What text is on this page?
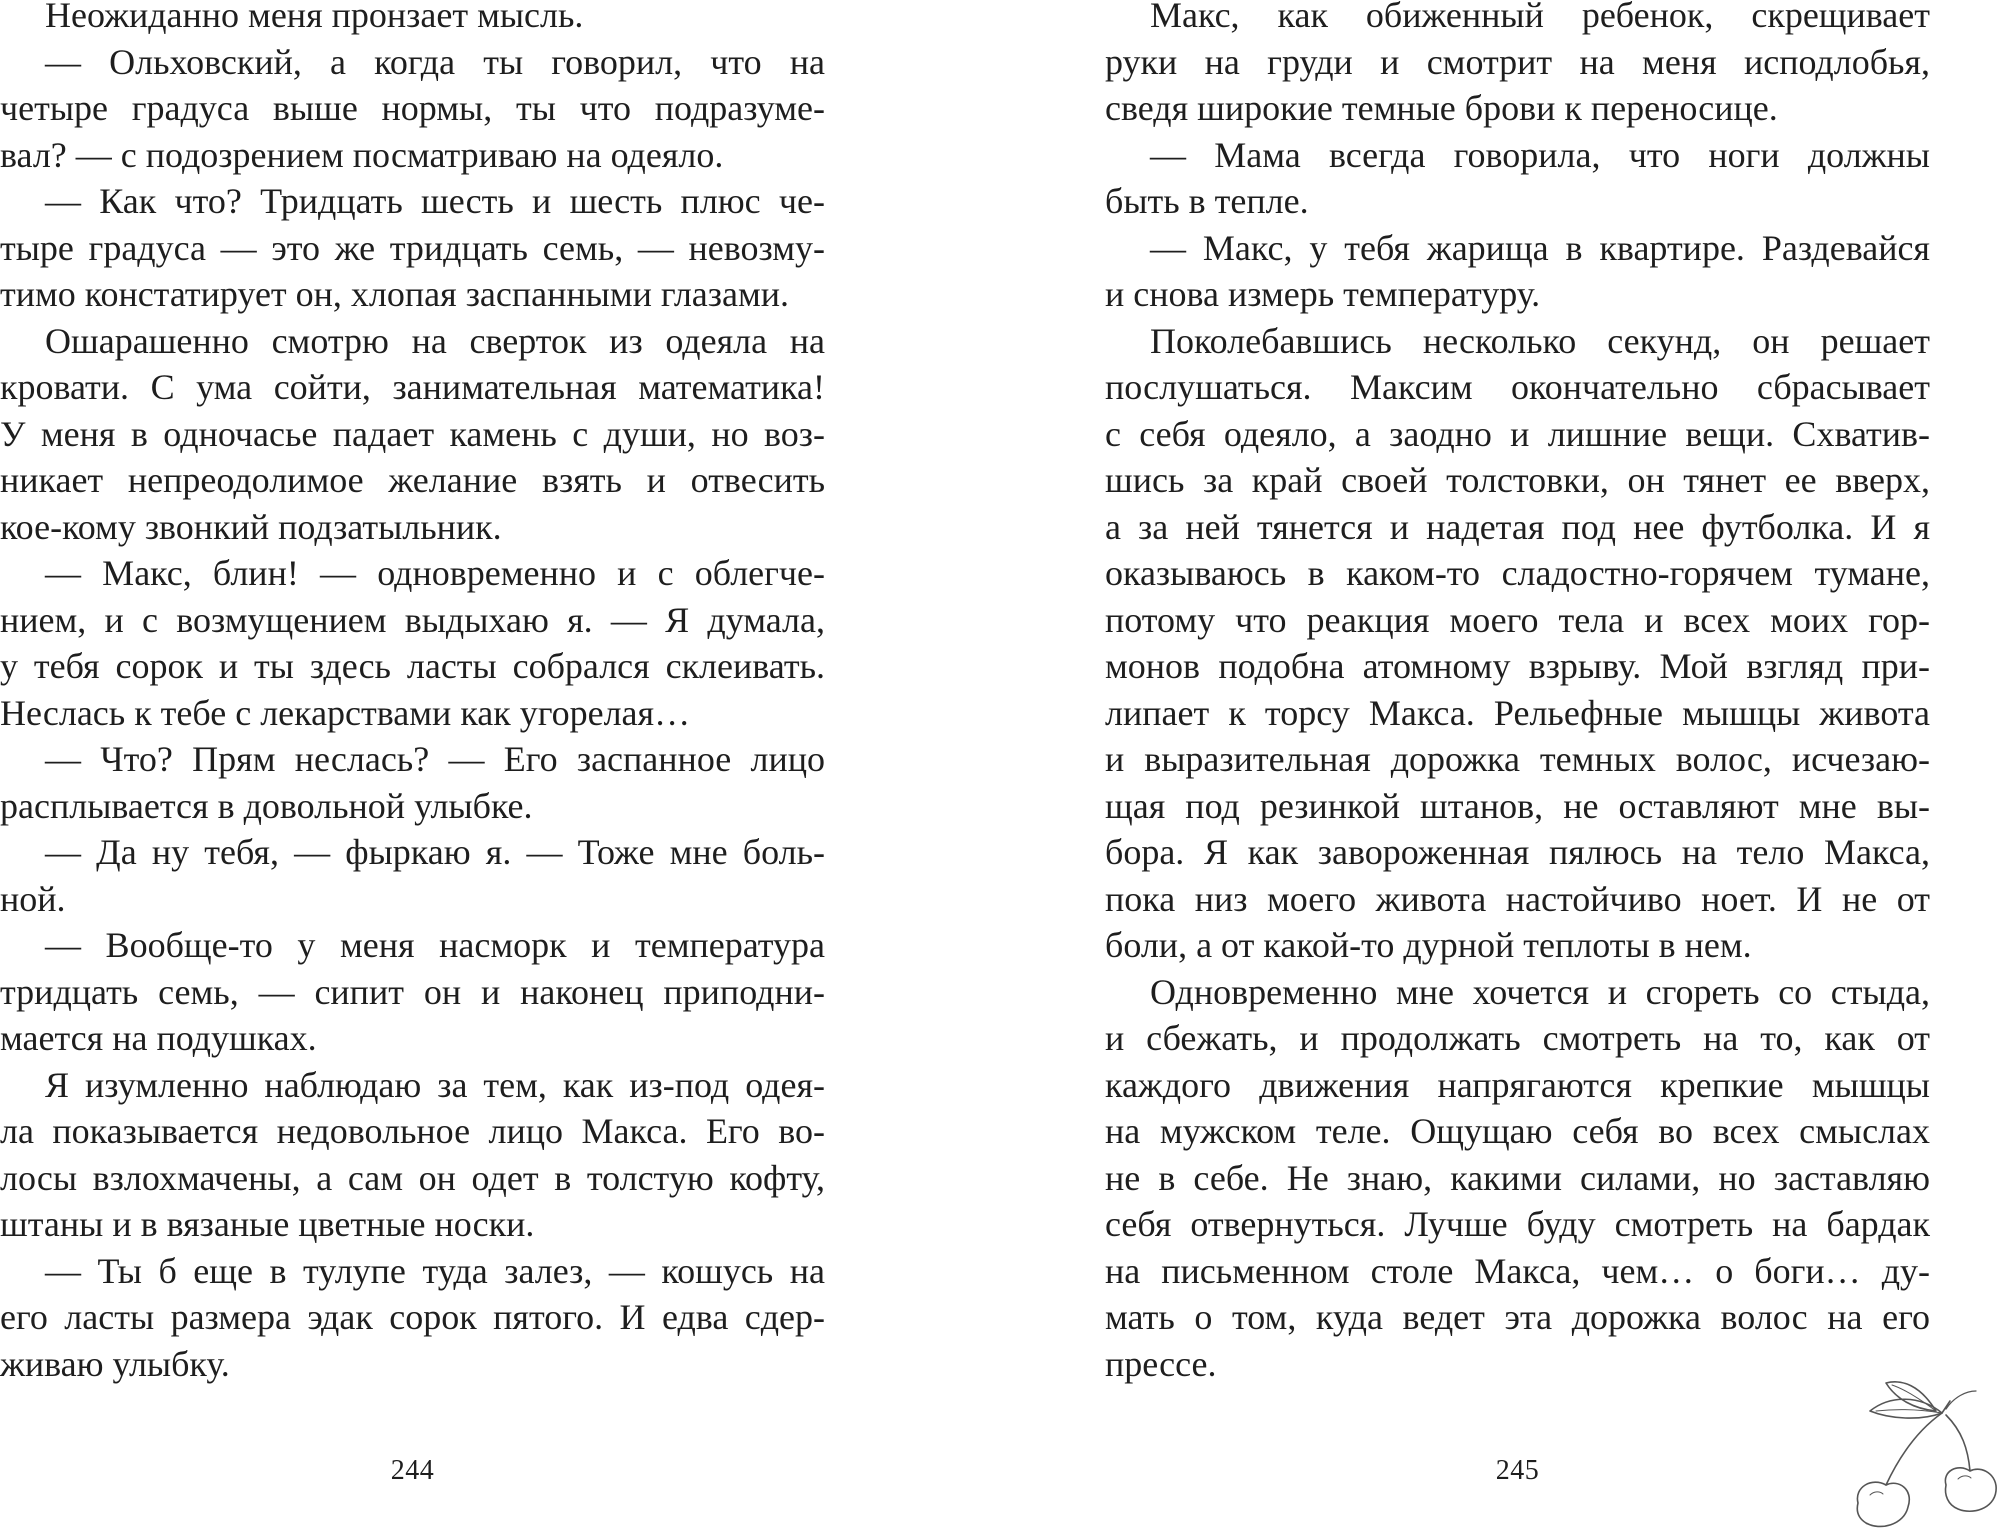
Неожиданно меня пронзает мысль.

— Ольховский, а когда ты говорил, что на
четыре градуса выше нормы, ты что подразуме-
вал? — с подозрением посматриваю на одеяло.

— Как что? Тридцать шесть и шесть плюс че-
тыре градуса — это же тридцать семь, — невозму-
тимо констатирует он, хлопая заспанными глазами.

Ошарашенно смотрю на сверток из одеяла на
кровати. С ума сойти, занимательная математика!
У меня в одночасье падает камень с души, но воз-
никает непреодолимое желание взять и отвесить
кое-кому звонкий подзатыльник.

— Макс, блин! — одновременно и с облегче-
нием, и с возмущением выдыхаю я. — Я думала,
у тебя сорок и ты здесь ласты собрался склеивать.
Неслась к тебе с лекарствами как угорелая…

— Что? Прям неслась? — Его заспанное лицо
расплывается в довольной улыбке.

— Да ну тебя, — фыркаю я. — Тоже мне боль-
ной.

— Вообще-то у меня насморк и температура
тридцать семь, — сипит он и наконец приподни-
мается на подушках.

Я изумленно наблюдаю за тем, как из-под одея-
ла показывается недовольное лицо Макса. Его во-
лосы взлохмачены, а сам он одет в толстую кофту,
штаны и в вязаные цветные носки.

— Ты б еще в тулупе туда залез, — кошусь на
его ласты размера эдак сорок пятого. И едва сдер-
живаю улыбку.

244

Макс, как обиженный ребенок, скрещивает
руки на груди и смотрит на меня исподлобья,
сведя широкие темные брови к переносице.

— Мама всегда говорила, что ноги должны
быть в тепле.

— Макс, у тебя жарища в квартире. Раздевайся
и снова измерь температуру.

Поколебавшись несколько секунд, он решает
послушаться. Максим окончательно сбрасывает
с себя одеяло, а заодно и лишние вещи. Схватив-
шись за край своей толстовки, он тянет ее вверх,
а за ней тянется и надетая под нее футболка. И я
оказываюсь в каком-то сладостно-горячем тумане,
потому что реакция моего тела и всех моих гор-
монов подобна атомному взрыву. Мой взгляд при-
липает к торсу Макса. Рельефные мышцы живота
и выразительная дорожка темных волос, исчезаю-
щая под резинкой штанов, не оставляют мне вы-
бора. Я как завороженная пялюсь на тело Макса,
пока низ моего живота настойчиво ноет. И не от
боли, а от какой-то дурной теплоты в нем.

Одновременно мне хочется и сгореть со стыда,
и сбежать, и продолжать смотреть на то, как от
каждого движения напрягаются крепкие мышцы
на мужском теле. Ощущаю себя во всех смыслах
не в себе. Не знаю, какими силами, но заставляю
себя отвернуться. Лучше буду смотреть на бардак
на письменном столе Макса, чем… о боги… ду-
мать о том, куда ведет эта дорожка волос на его
прессе.

245
